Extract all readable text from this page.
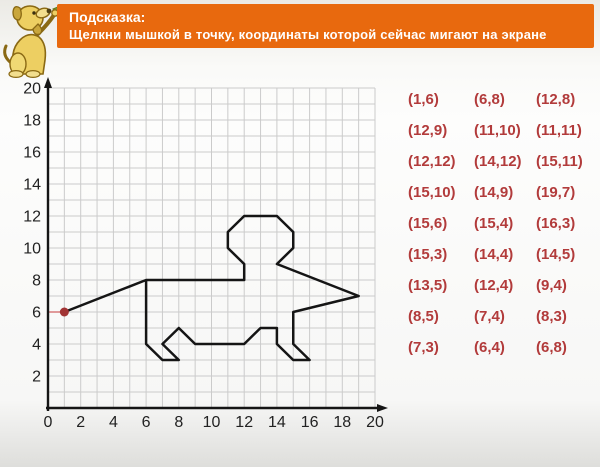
Подсказка:
Щелкни мышкой в точку, координаты которой сейчас мигают на экране
0 2 4 6 8 10 12 14 16 18 20
2
4
6
8
10
12
14
16
18
20
(1,6)	(6,8)	(12,8)
(12,9)	(11,10)	(11,11)
(12,12)	(14,12) (15,11)
(15,10)	(14,9)	(19,7)
(15,6)	(15,4)	(16,3)
(15,3)	(14,4)	(14,5)
(13,5)	(12,4)	(9,4)
(8,5)	(7,4)	(8,3)
(7,3)	(6,4)	(6,8)
